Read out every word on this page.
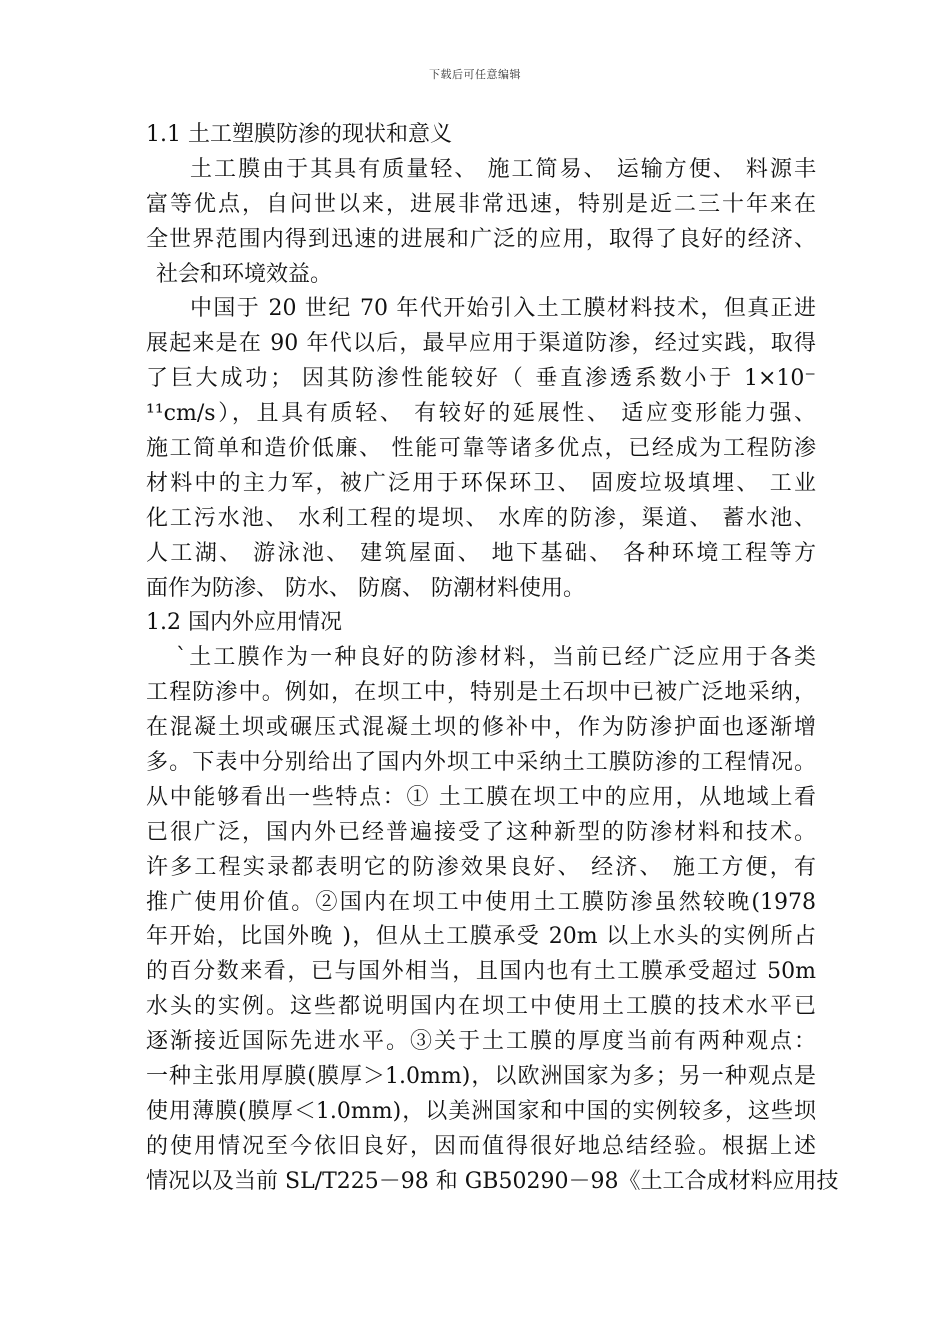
下载后可任意编辑
1.1 土工塑膜防渗的现状和意义
土工膜由于其具有质量轻、 施工简易、 运输方便、 料源丰
富等优点，自问世以来，进展非常迅速，特别是近二三十年来在
全世界范围内得到迅速的进展和广泛的应用，取得了良好的经济、
社会和环境效益。
中国于 20 世纪 70 年代开始引入土工膜材料技术，但真正进
展起来是在 90 年代以后，最早应用于渠道防渗，经过实践，取得
了巨大成功； 因其防渗性能较好（ 垂直渗透系数小于 1×10⁻
¹¹cm/s），且具有质轻、 有较好的延展性、 适应变形能力强、
施工简单和造价低廉、 性能可靠等诸多优点，已经成为工程防渗
材料中的主力军，被广泛用于环保环卫、 固废垃圾填埋、 工业
化工污水池、 水利工程的堤坝、 水库的防渗，渠道、 蓄水池、
人工湖、 游泳池、 建筑屋面、 地下基础、 各种环境工程等方
面作为防渗、 防水、 防腐、 防潮材料使用。
1.2 国内外应用情况
`土工膜作为一种良好的防渗材料，当前已经广泛应用于各类
工程防渗中。例如，在坝工中，特别是土石坝中已被广泛地采纳，
在混凝土坝或碾压式混凝土坝的修补中，作为防渗护面也逐渐增
多。下表中分别给出了国内外坝工中采纳土工膜防渗的工程情况。
从中能够看出一些特点：① 土工膜在坝工中的应用，从地域上看
已很广泛，国内外已经普遍接受了这种新型的防渗材料和技术。
许多工程实录都表明它的防渗效果良好、 经济、 施工方便，有
推广使用价值。②国内在坝工中使用土工膜防渗虽然较晚(1978
年开始，比国外晚 )，但从土工膜承受 20m 以上水头的实例所占
的百分数来看，已与国外相当，且国内也有土工膜承受超过 50m
水头的实例。这些都说明国内在坝工中使用土工膜的技术水平已
逐渐接近国际先进水平。③关于土工膜的厚度当前有两种观点：
一种主张用厚膜(膜厚＞1.0mm)，以欧洲国家为多；另一种观点是
使用薄膜(膜厚＜1.0mm)，以美洲国家和中国的实例较多，这些坝
的使用情况至今依旧良好，因而值得很好地总结经验。根据上述
情况以及当前 SL/T225－98 和 GB50290－98《土工合成材料应用技
